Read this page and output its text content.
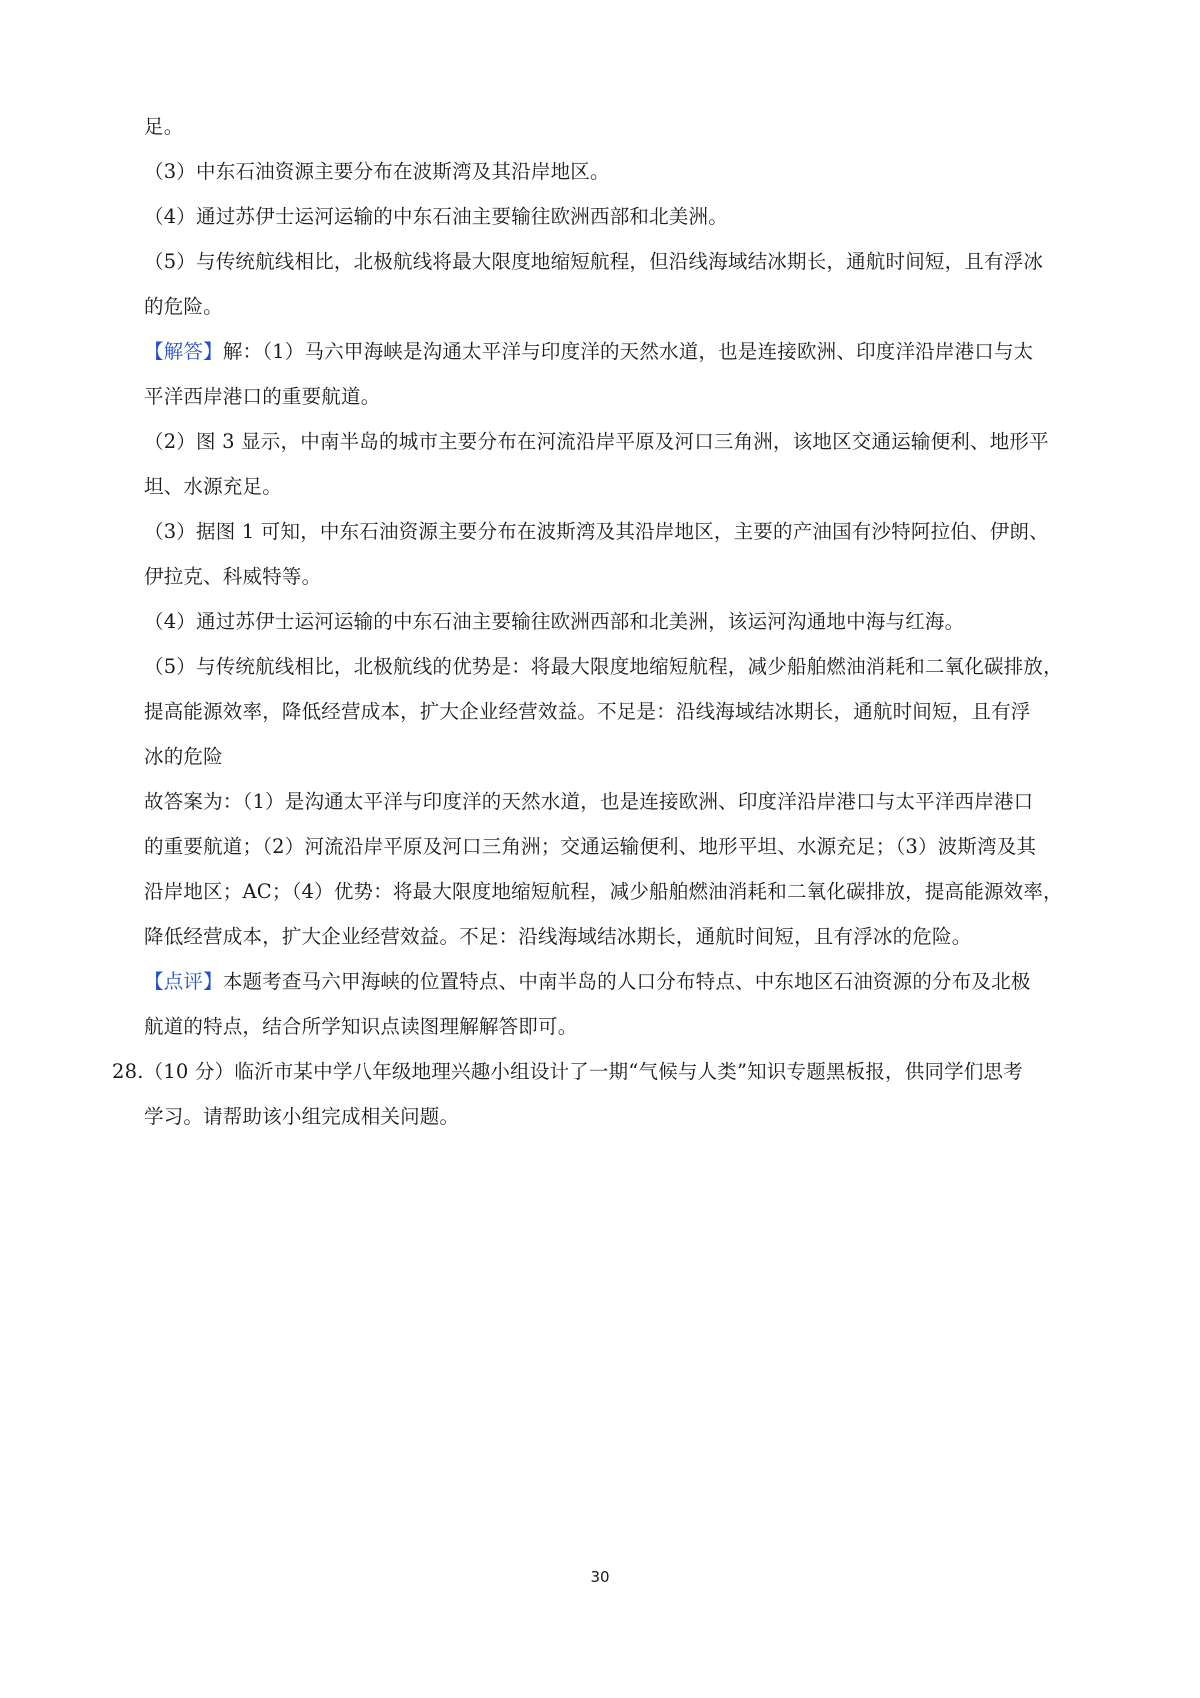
足。
（3）中东石油资源主要分布在波斯湾及其沿岸地区。
（4）通过苏伊士运河运输的中东石油主要输往欧洲西部和北美洲。
（5）与传统航线相比，北极航线将最大限度地缩短航程，但沿线海域结冰期长，通航时间短，且有浮冰
的危险。
【解答】解：（1）马六甲海峡是沟通太平洋与印度洋的天然水道，也是连接欧洲、印度洋沿岸港口与太
平洋西岸港口的重要航道。
（2）图 3 显示，中南半岛的城市主要分布在河流沿岸平原及河口三角洲，该地区交通运输便利、地形平
坦、水源充足。
（3）据图 1 可知，中东石油资源主要分布在波斯湾及其沿岸地区，主要的产油国有沙特阿拉伯、伊朗、
伊拉克、科威特等。
（4）通过苏伊士运河运输的中东石油主要输往欧洲西部和北美洲，该运河沟通地中海与红海。
（5）与传统航线相比，北极航线的优势是：将最大限度地缩短航程，减少船舶燃油消耗和二氧化碳排放，
提高能源效率，降低经营成本，扩大企业经营效益。不足是：沿线海域结冰期长，通航时间短，且有浮
冰的危险
故答案为：（1）是沟通太平洋与印度洋的天然水道，也是连接欧洲、印度洋沿岸港口与太平洋西岸港口
的重要航道；（2）河流沿岸平原及河口三角洲；交通运输便利、地形平坦、水源充足；（3）波斯湾及其
沿岸地区；AC；（4）优势：将最大限度地缩短航程，减少船舶燃油消耗和二氧化碳排放，提高能源效率，
降低经营成本，扩大企业经营效益。不足：沿线海域结冰期长，通航时间短，且有浮冰的危险。
【点评】本题考查马六甲海峡的位置特点、中南半岛的人口分布特点、中东地区石油资源的分布及北极
航道的特点，结合所学知识点读图理解解答即可。
28.（10 分）临沂市某中学八年级地理兴趣小组设计了一期“气候与人类”知识专题黑板报，供同学们思考
学习。请帮助该小组完成相关问题。
30
